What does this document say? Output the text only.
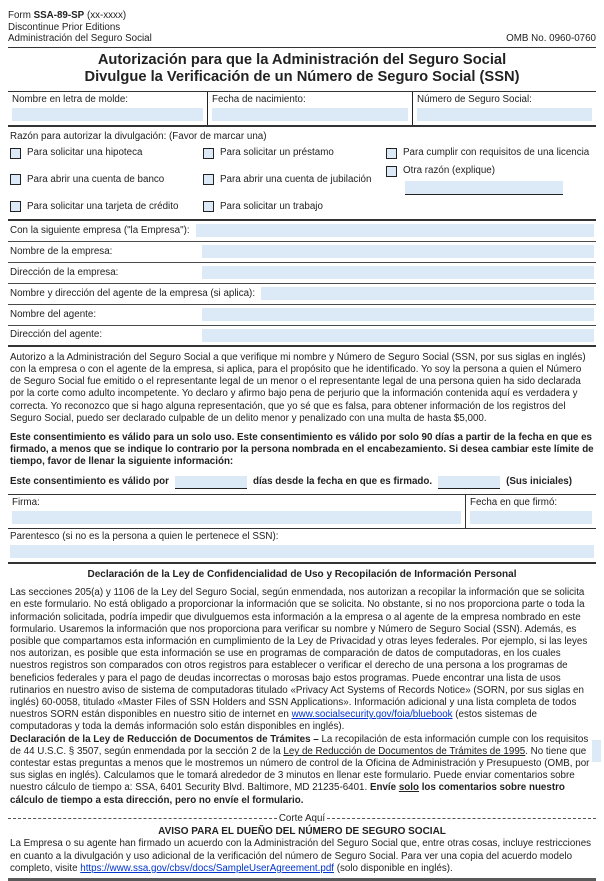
Form SSA-89-SP (xx-xxxx)
Discontinue Prior Editions
Administración del Seguro Social	OMB No. 0960-0760
Autorización para que la Administración del Seguro Social
Divulgue la Verificación de un Número de Seguro Social (SSN)
Nombre en letra de molde:	Fecha de nacimiento:	Número de Seguro Social:
Razón para autorizar la divulgación: (Favor de marcar una)
Para solicitar una hipoteca	Para solicitar un préstamo	Para cumplir con requisitos de una licencia
Para abrir una cuenta de banco	Para abrir una cuenta de jubilación
Otra razón (explique)
Para solicitar una tarjeta de crédito	Para solicitar un trabajo
Con la siguiente empresa ("la Empresa"):
Nombre de la empresa:
Dirección de la empresa:
Nombre y dirección del agente de la empresa (si aplica):
Nombre del agente:
Dirección del agente:
Autorizo a la Administración del Seguro Social a que verifique mi nombre y Número de Seguro Social (SSN, por sus siglas en inglés) con la empresa o con el agente de la empresa, si aplica, para el propósito que he identificado. Yo soy la persona a quien el Número de Seguro Social fue emitido o el representante legal de un menor o el representante legal de una persona quien ha sido declarada por la corte como adulto incompetente. Yo declaro y afirmo bajo pena de perjurio que la información contenida aquí es verdadera y correcta. Yo reconozco que si hago alguna representación, que yo sé que es falsa, para obtener información de los registros del Seguro Social, puedo ser declarado culpable de un delito menor y penalizado con una multa de hasta $5,000.
Este consentimiento es válido para un solo uso. Este consentimiento es válido por solo 90 días a partir de la fecha en que es firmado, a menos que se indique lo contrario por la persona nombrada en el encabezamiento. Si desea cambiar este límite de tiempo, favor de llenar la siguiente información:
Este consentimiento es válido por	días desde la fecha en que es firmado.	(Sus iniciales)
Firma:	Fecha en que firmó:
Parentesco (si no es la persona a quien le pertenece el SSN):
Declaración de la Ley de Confidencialidad de Uso y Recopilación de Información Personal
Las secciones 205(a) y 1106 de la Ley del Seguro Social, según enmendada, nos autorizan a recopilar la información que se solicita en este formulario. No está obligado a proporcionar la información que se solicita. No obstante, si no nos proporciona parte o toda la información solicitada, podría impedir que divulguemos esta información a la empresa o al agente de la empresa nombrado en este formulario. Usaremos la información que nos proporciona para verificar su nombre y Número de Seguro Social (SSN). Además, es posible que compartamos esta información en cumplimiento de la Ley de Privacidad y otras leyes federales. Por ejemplo, si las leyes nos autorizan, es posible que esta información se use en programas de comparación de datos de computadoras, en los cuales nuestros registros son comparados con otros registros para establecer o verificar el derecho de una persona a los programas de beneficios federales y para el pago de deudas incorrectas o morosas bajo estos programas. Puede encontrar una lista de usos rutinarios en nuestro aviso de sistema de computadoras titulado «Privacy Act Systems of Records Notice» (SORN, por sus siglas en inglés) 60-0058, titulado «Master Files of SSN Holders and SSN Applications». Información adicional y una lista completa de todos nuestros SORN están disponibles en nuestro sitio de internet en www.socialsecurity.gov/foia/bluebook (estos sistemas de computadoras y toda la demás información solo están disponibles en inglés).
Declaración de la Ley de Reducción de Documentos de Trámites – La recopilación de esta información cumple con los requisitos de 44 U.S.C. § 3507, según enmendada por la sección 2 de la Ley de Reducción de Documentos de Trámites de 1995. No tiene que contestar estas preguntas a menos que le mostremos un número de control de la Oficina de Administración y Presupuesto (OMB, por sus siglas en inglés). Calculamos que le tomará alrededor de 3 minutos en llenar este formulario. Puede enviar comentarios sobre nuestro cálculo de tiempo a: SSA, 6401 Security Blvd. Baltimore, MD 21235-6401. Envíe solo los comentarios sobre nuestro cálculo de tiempo a esta dirección, pero no envíe el formulario.
Corte Aquí
AVISO PARA EL DUEÑO DEL NÚMERO DE SEGURO SOCIAL
La Empresa o su agente han firmado un acuerdo con la Administración del Seguro Social que, entre otras cosas, incluye restricciones en cuanto a la divulgación y uso adicional de la verificación del número de Seguro Social. Para ver una copia del acuerdo modelo completo, visite https://www.ssa.gov/cbsv/docs/SampleUserAgreement.pdf (solo disponible en inglés).
